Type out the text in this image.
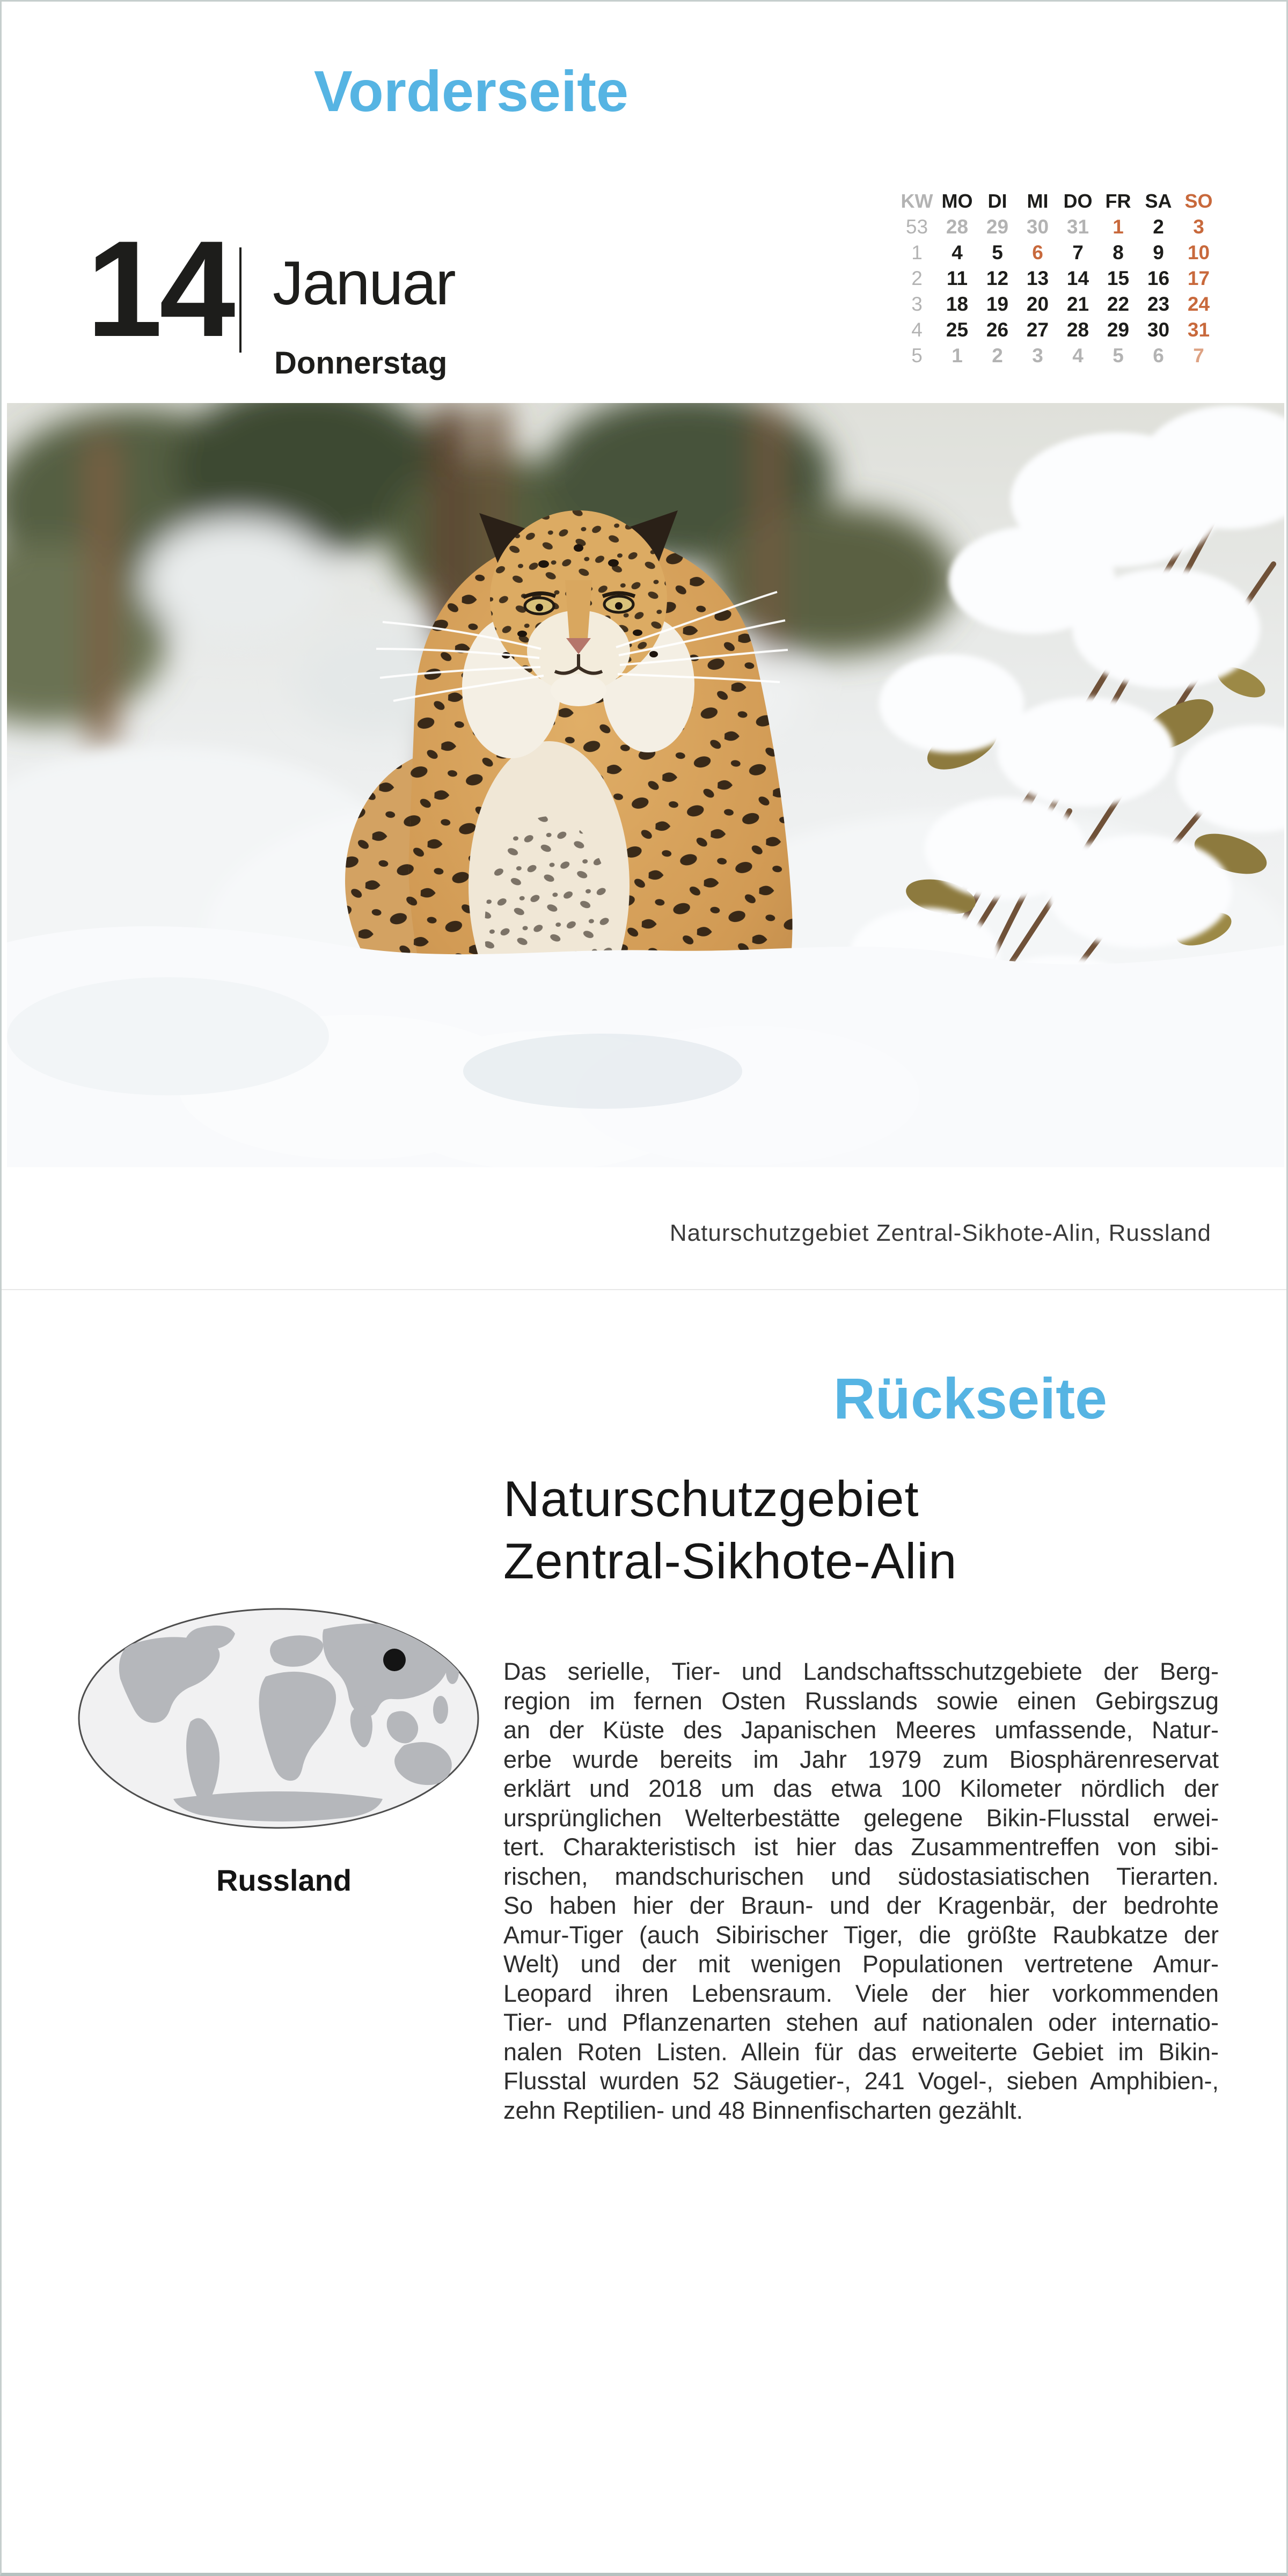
Vorderseite
14 Januar
Donnerstag
KW MO DI	MI DO FR SA SO
53 28 29 30 31	1	2	3
1	4	5	6	7	8	9	10
2	11 12 13 14 15 16 17
3	18 19 20 21 22 23 24
4	25 26 27 28 29 30 31
5	1	2	3	4	5	6	7
Naturschutzgebiet Zentral-Sikhote-Alin, Russland
Rückseite
Naturschutzgebiet
Zentral-Sikhote-Alin
Russland
Das serielle, Tier- und Landschaftsschutzgebiete der Berg-
region im fernen Osten Russlands sowie einen Gebirgszug
an der Küste des Japanischen Meeres umfassende, Natur-
erbe wurde bereits im Jahr 1979 zum Biosphärenreservat
erklärt und 2018 um das etwa 100 Kilometer nördlich der
ursprünglichen Welterbestätte gelegene Bikin-Flusstal erwei-
tert. Charakteristisch ist hier das Zusammentreffen von sibi-
rischen, mandschurischen und südostasiatischen Tierarten.
So haben hier der Braun- und der Kragenbär, der bedrohte
Amur-Tiger (auch Sibirischer Tiger, die größte Raubkatze der
Welt) und der mit wenigen Populationen vertretene Amur-
Leopard ihren Lebensraum. Viele der hier vorkommenden
Tier- und Pflanzenarten stehen auf nationalen oder internatio-
nalen Roten Listen. Allein für das erweiterte Gebiet im Bikin-
Flusstal wurden 52 Säugetier-, 241 Vogel-, sieben Amphibien-,
zehn Reptilien- und 48 Binnenfischarten gezählt.
